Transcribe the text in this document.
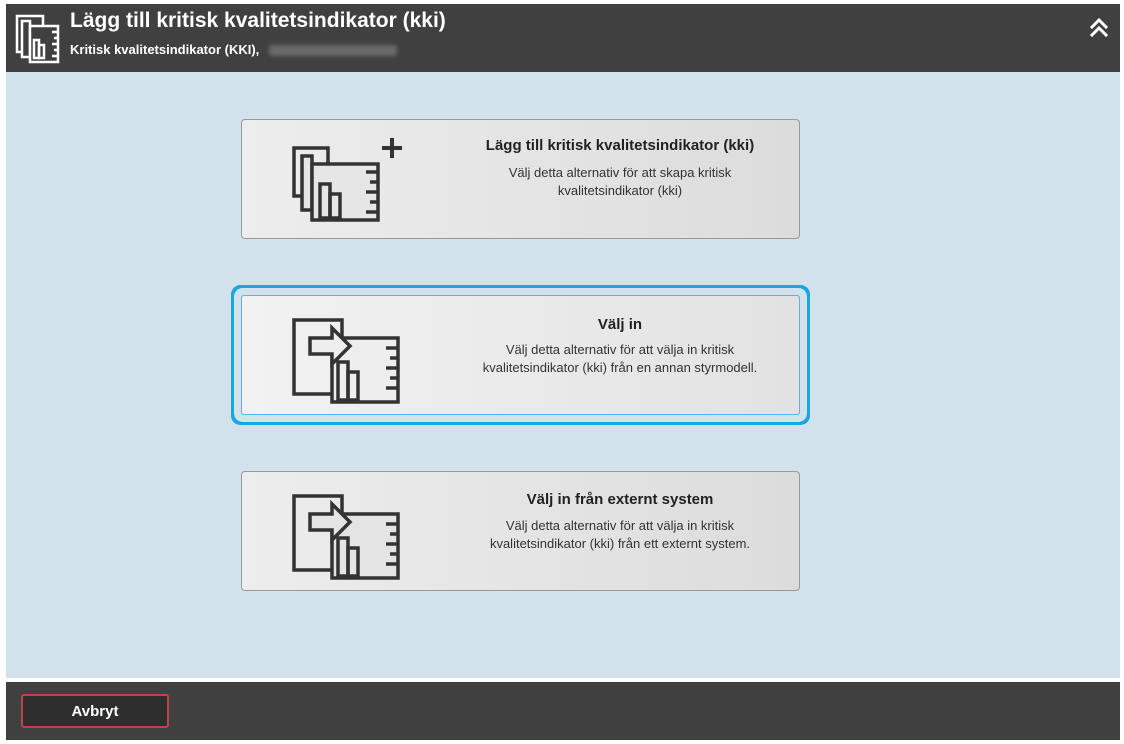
Lägg till kritisk kvalitetsindikator (kki)
Kritisk kvalitetsindikator (KKI),
Lägg till kritisk kvalitetsindikator (kki)
Välj detta alternativ för att skapa kritisk
kvalitetsindikator (kki)
Välj in
Välj detta alternativ för att välja in kritisk
kvalitetsindikator (kki) från en annan styrmodell.
Välj in från externt system
Välj detta alternativ för att välja in kritisk
kvalitetsindikator (kki) från ett externt system.
Avbryt
